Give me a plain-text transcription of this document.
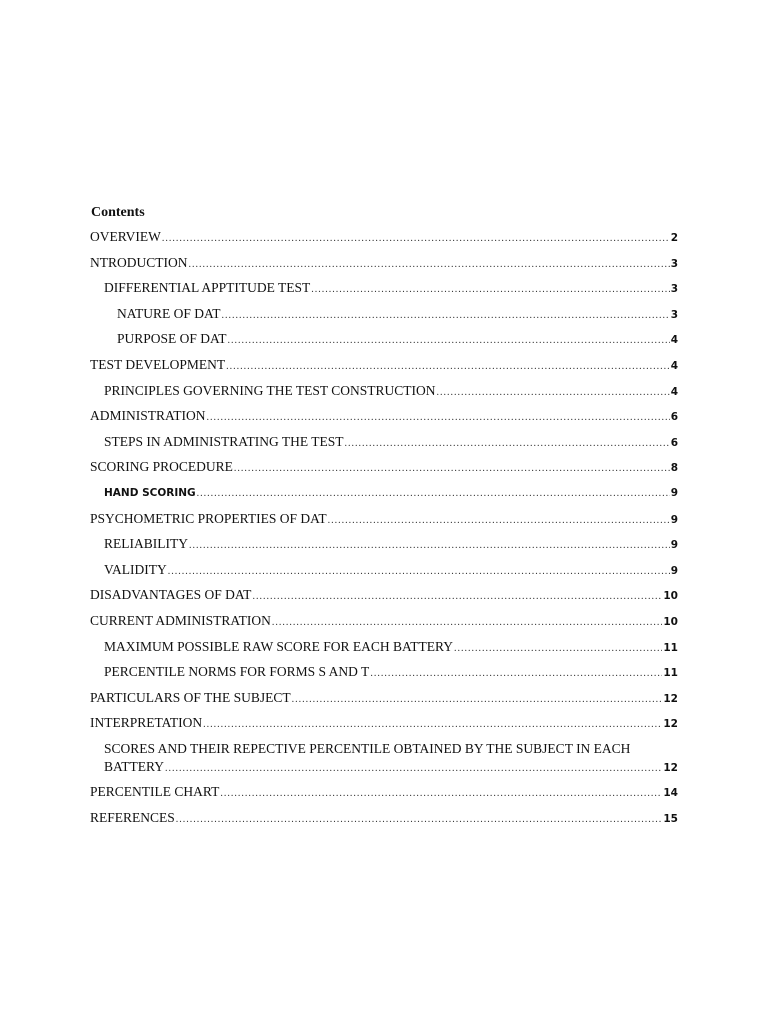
Contents
OVERVIEW .....	2
NTRODUCTION .....	3
DIFFERENTIAL APPTITUDE TEST .....	3
NATURE OF DAT .....	3
PURPOSE OF DAT .....	4
TEST DEVELOPMENT .....	4
PRINCIPLES GOVERNING THE TEST CONSTRUCTION .....	4
ADMINISTRATION .....	6
STEPS IN ADMINISTRATING THE TEST .....	6
SCORING PROCEDURE .....	8
HAND SCORING .....	9
PSYCHOMETRIC PROPERTIES OF DAT .....	9
RELIABILITY .....	9
VALIDITY .....	9
DISADVANTAGES OF DAT .....	10
CURRENT ADMINISTRATION .....	10
MAXIMUM POSSIBLE RAW SCORE FOR EACH BATTERY .....	11
PERCENTILE NORMS FOR FORMS S AND T .....	11
PARTICULARS OF THE SUBJECT .....	12
INTERPRETATION .....	12
SCORES AND THEIR REPECTIVE PERCENTILE OBTAINED BY THE SUBJECT IN EACH
BATTERY .....	12
PERCENTILE CHART .....	14
REFERENCES .....	15
